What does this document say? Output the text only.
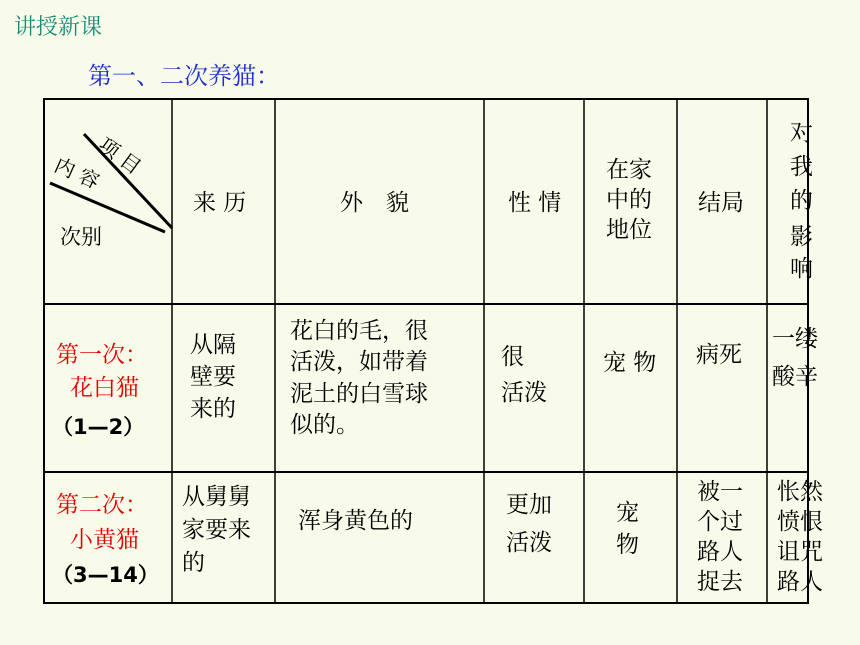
讲授新课
第一、二次养猫：
项 目
内 容
次别
来 历	外　貌	性 情
在家
中的
地位
结局
对
我
的
影
响
第一次：
花白猫
（1—2）
从隔
壁要
来的
花白的毛，很
活泼，如带着
泥土的白雪球
似的。
很
活泼
宠 物 病死
一缕
酸辛
第二次：
小黄猫
（3—14）
从舅舅
家要来
的
浑身黄色的
更加
活泼
宠
物
被一
个过
路人
捉去
怅然
愤恨
诅咒
路人
